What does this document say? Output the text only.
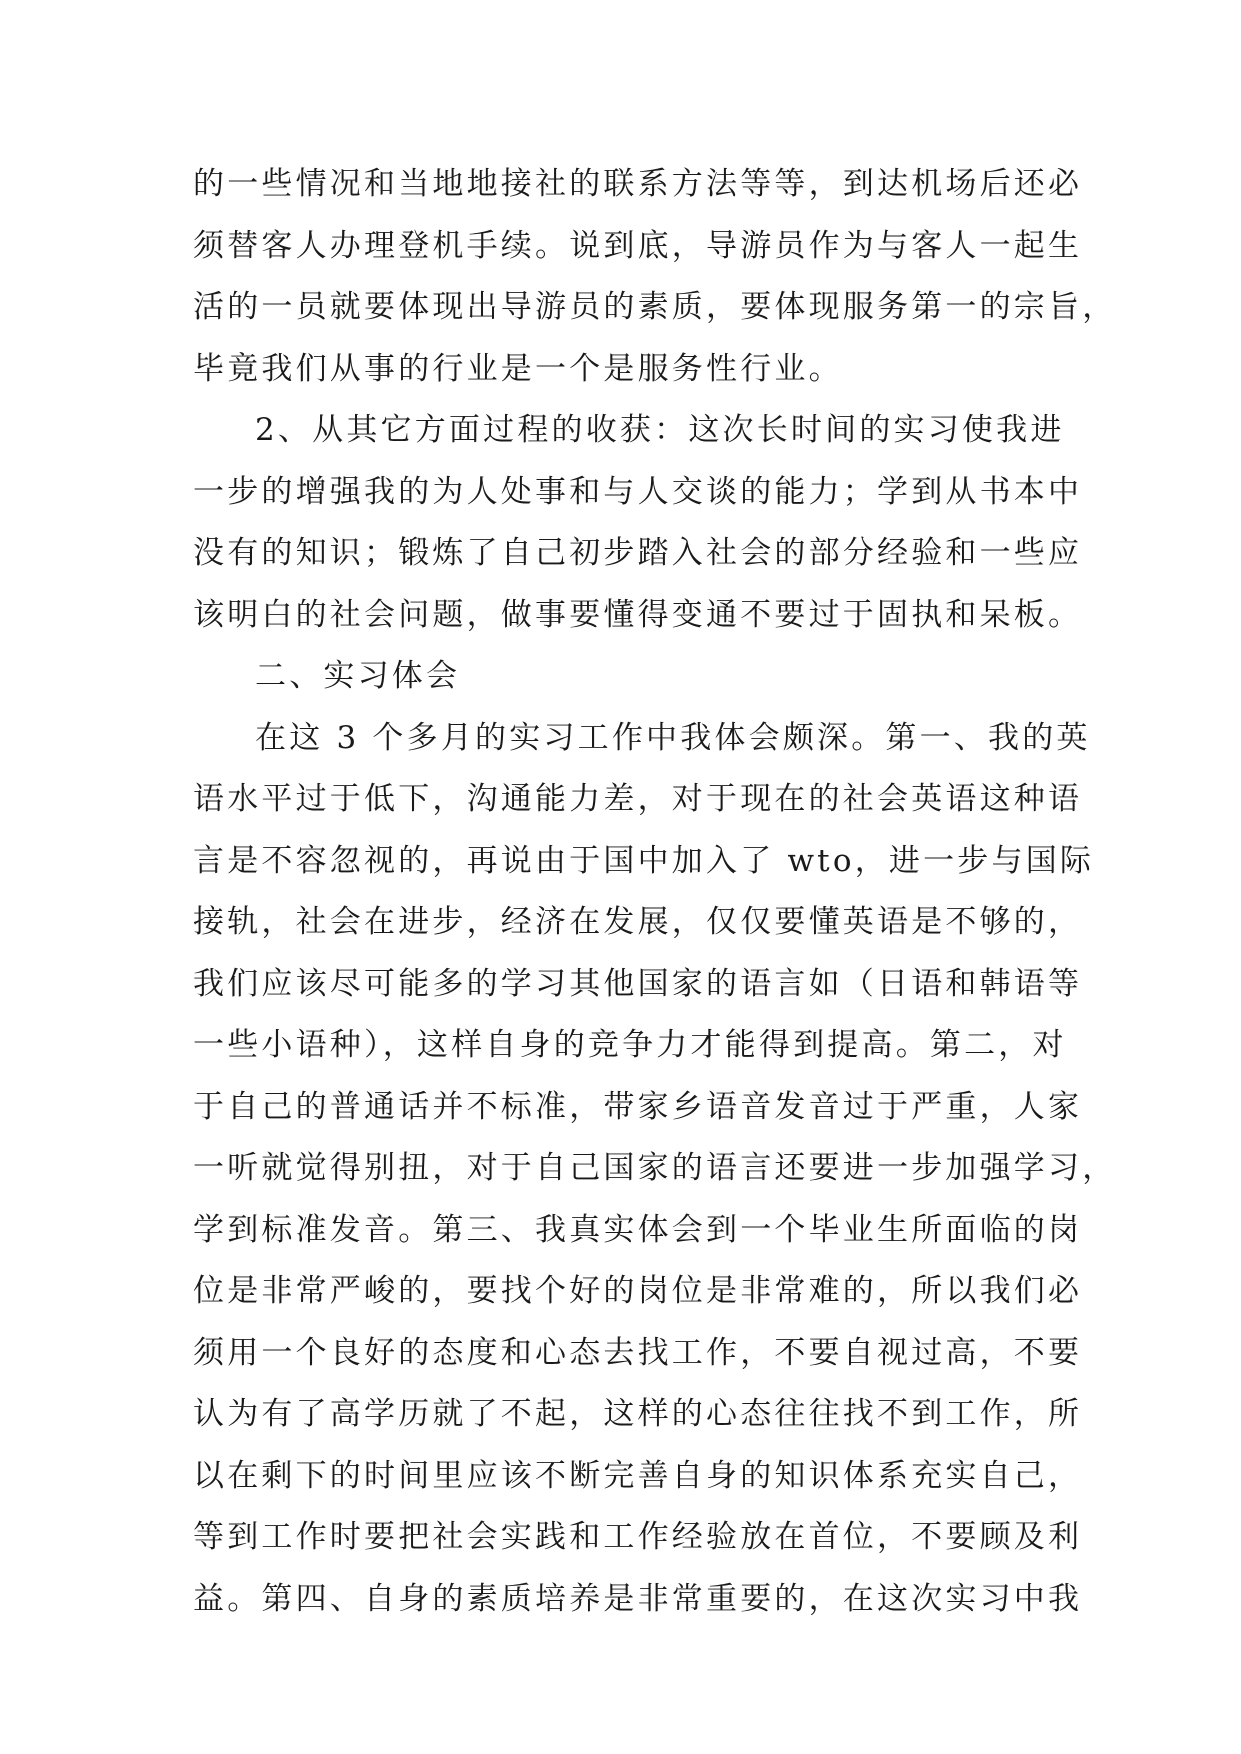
的一些情况和当地地接社的联系方法等等，到达机场后还必
须替客人办理登机手续。说到底，导游员作为与客人一起生
活的一员就要体现出导游员的素质，要体现服务第一的宗旨，
毕竟我们从事的行业是一个是服务性行业。
2、从其它方面过程的收获：这次长时间的实习使我进
一步的增强我的为人处事和与人交谈的能力；学到从书本中
没有的知识；锻炼了自己初步踏入社会的部分经验和一些应
该明白的社会问题，做事要懂得变通不要过于固执和呆板。
二、实习体会
在这 3 个多月的实习工作中我体会颇深。第一、我的英
语水平过于低下，沟通能力差，对于现在的社会英语这种语
言是不容忽视的，再说由于国中加入了 wto，进一步与国际
接轨，社会在进步，经济在发展，仅仅要懂英语是不够的，
我们应该尽可能多的学习其他国家的语言如（日语和韩语等
一些小语种），这样自身的竞争力才能得到提高。第二，对
于自己的普通话并不标准，带家乡语音发音过于严重，人家
一听就觉得别扭，对于自己国家的语言还要进一步加强学习，
学到标准发音。第三、我真实体会到一个毕业生所面临的岗
位是非常严峻的，要找个好的岗位是非常难的，所以我们必
须用一个良好的态度和心态去找工作，不要自视过高，不要
认为有了高学历就了不起，这样的心态往往找不到工作，所
以在剩下的时间里应该不断完善自身的知识体系充实自己，
等到工作时要把社会实践和工作经验放在首位，不要顾及利
益。第四、自身的素质培养是非常重要的，在这次实习中我
